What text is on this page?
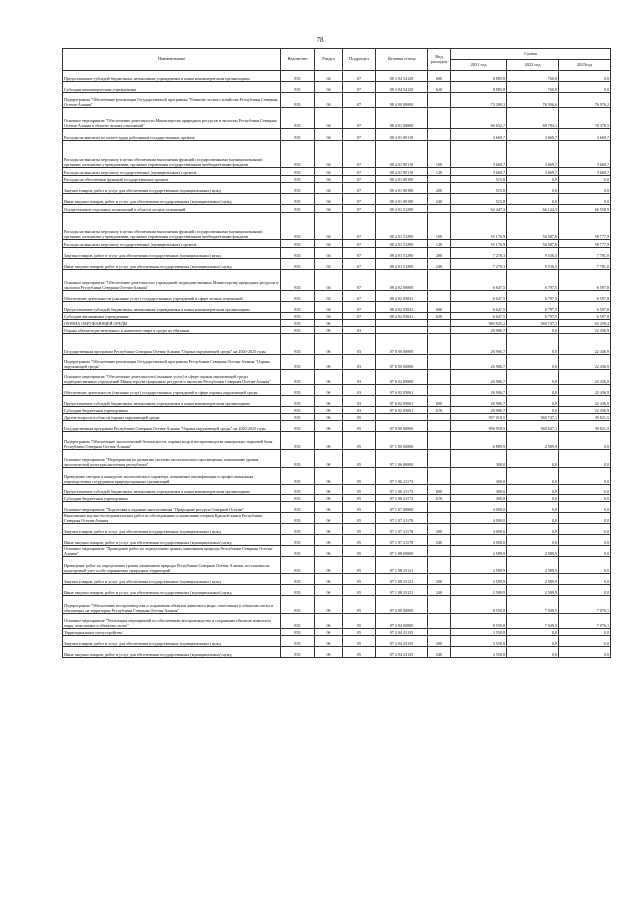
78
Наименование	Ведомство	Раздел	Подраздел	Целевая статья	Вид расходов	Сумма		
						2021 год	2022 год	2023год
Предоставление субсидий бюджетным, автономным учреждениям и иным некоммерческим организациям	835	04	07	08 3 04 54120	600	8 885,8	760,8	0,0
Субсидии некоммерческим учреждениям	835	04	07	08 3 04 54120	620	8 885,8	760,8	0,0
Подпрограмма "Обеспечение реализации Государственной программы "Развитие лесного хозяйства Республики Северная Осетия-Алания"	835	04	07	08 4 00 00000		73 280,3	76 506,6	76 976,2
Основное мероприятие "Обеспечение деятельности Министерства природных ресурсов и экологии Республики Северная Осетия-Алания в области лесных отношений"	835	04	07	08 4 01 00000		66 632,7	69 794,1	70 378,5
Расходы на выплаты по оплате труда работников государственных органов	835	04	07	08 4 01 00110		3 669,7	3 669,7	3 669,7
Расходы на выплаты персоналу в целях обеспечения выполнения функций государственными (муниципальными) органами, казенными учреждениями, органами управления государственными внебюджетными фондами	835	04	07	08 4 01 00110	100	3 669,7	3 669,7	3 669,7
Расходы на выплаты персоналу государственных (муниципальных) органов	835	04	07	08 4 01 00110	120	3 669,7	3 669,7	3 669,7
Расходы на обеспечение функций государственных органов	835	04	07	08 4 01 00190		515,8	0,0	0,0
Закупка товаров, работ и услуг для обеспечения государственных (муниципальных) нужд	835	04	07	08 4 01 00190	200	515,8	0,0	0,0
Иные закупки товаров, работ и услуг для обеспечения государственных (муниципальных) нужд	835	04	07	08 4 01 00190	240	515,8	0,0	0,0
Осуществление отдельных полномочий в области лесных отношений	835	04	07	08 4 01 51290		62 447,3	66 124,3	66 558,9
Расходы на выплаты персоналу в целях обеспечения выполнения функций государственными (муниципальными) органами, казенными учреждениями, органами управления государственными внебюджетными фондами	835	04	07	08 4 01 51290	100	55 176,9	56 587,8	58 777,9
Расходы на выплаты персоналу государственных (муниципальных) органов	835	04	07	08 4 01 51290	120	55 176,9	56 587,8	58 777,9
Закупка товаров, работ и услуг для обеспечения государственных (муниципальных) нужд	835	04	07	08 4 01 51290	200	7 270,3	9 536,5	7 781,0
Иные закупки товаров, работ и услуг для обеспечения государственных (муниципальных) нужд	835	04	07	08 4 01 51290	240	7 270,3	9 536,5	7 781,0
Основное мероприятие "Обеспечение деятельности учреждений, подведомственных Министерству природных ресурсов и экологии Республики Северная Осетия-Алания"	835	04	07	08 4 02 00000		6 647,5	6 797,5	6 597,8
Обеспечение деятельности (оказание услуг) государственных учреждений в сфере лесных отношений	835	04	07	08 4 02 05041		6 647,5	6 797,5	6 597,8
Предоставление субсидий бюджетным, автономным учреждениям и иным некоммерческим организациям	835	04	07	08 4 02 05041	600	6 647,5	6 797,5	6 597,8
Субсидии автономным учреждениям	835	04	07	08 4 02 05041	620	6 647,5	6 797,5	6 597,8
ОХРАНА ОКРУЖАЮЩЕЙ СРЕДЫ	835	06				983 925,2	560 747,1	62 258,4
Охрана объектов растительного и животного мира и среды их обитания	835	06	03			26 906,7	0,0	22 436,9
Государственная программа Республики Северная Осетия-Алания "Охрана окружающей среды" на 2020-2025 годы	835	06	03	07 0 00 00000		26 906,7	0,0	22 436,9
Подпрограмма "Обеспечение реализации Государственной программы Республики Северная Осетия-Алания "Охрана окружающей среды"	835	06	03	07 6 00 00000		26 906,7	0,0	22 436,9
Основное мероприятие "Обеспечение деятельности (оказание услуг) в сфере охраны окружающей среды подведомственных учреждений Министерства природных ресурсов и экологии Республики Северная Осетия-Алания"	835	06	03	07 6 02 00000		26 906,7	0,0	22 436,9
Обеспечение деятельности (оказание услуг) государственных учреждений в сфере охраны окружающей среды	835	06	03	07 6 02 05061		26 906,7	0,0	22 436,9
Предоставление субсидий бюджетным, автономным учреждениям и иным некоммерческим организациям	835	06	03	07 6 02 05061	600	26 906,7	0,0	22 436,9
Субсидии бюджетным учреждениям	835	06	03	07 6 02 05061	610	26 906,7	0,0	22 436,9
Другие вопросы в области охраны окружающей среды	835	06	05			957 018,5	560 747,1	39 821,5
Государственная программа Республики Северная Осетия-Алания "Охрана окружающей среды" на 2020-2025 годы	835	06	05	07 0 00 00000		956 918,5	560 647,1	39 821,5
Подпрограмма "Обеспечение экологической безопасности, охраны недр и воспроизводства минерально-сырьевой базы Республики Северная Осетия-Алания"	835	06	05	07 1 00 00000		6 889,9	2 589,9	0,0
Основное мероприятие "Мероприятия по развитию системы экологического просвещения, повышению уровня экологической культуры населения республики"	835	06	05	07 1 06 00000		300,0	0,0	0,0
Проведение смотров и конкурсов экологического характера, повышение квалификации и профессиональная переподготовка сотрудников природоохранных организаций	835	06	05	07 1 06 21173		300,0	0,0	0,0
Предоставление субсидий бюджетным, автономным учреждениям и иным некоммерческим организациям	835	06	05	07 1 06 21173	600	300,0	0,0	0,0
Субсидии бюджетным учреждениям	835	06	05	07 1 06 21173	610	300,0	0,0	0,0
Основное мероприятие "Подготовка к изданию многотомника "Природные ресурсы Северной Осетии"	835	06	05	07 1 07 00000		4 000,0	0,0	0,0
Выполнение научно-исследовательских работ по обследованию и написанию очерков Красной книги Республики Северная Осетия-Алания	835	06	05	07 1 07 21178		4 000,0	0,0	0,0
Закупка товаров, работ и услуг для обеспечения государственных (муниципальных) нужд	835	06	05	07 1 07 21178	200	4 000,0	0,0	0,0
Иные закупки товаров, работ и услуг для обеспечения государственных (муниципальных) нужд	835	06	05	07 1 07 21178	240	4 000,0	0,0	0,0
Основное мероприятие "Проведение работ по определению границ памятников природы Республики Северная Осетия-Алания"	835	06	05	07 1 08 00000		2 589,9	2 589,9	0,0
Проведение работ по определению границ памятников природы Республики Северная Осетия-Алания, постановка на кадастровый учет особо охраняемых природных территорий	835	06	05	07 1 08 23121		2 589,9	2 589,9	0,0
Закупка товаров, работ и услуг для обеспечения государственных (муниципальных) нужд	835	06	05	07 1 08 23121	200	2 589,9	2 589,9	0,0
Иные закупки товаров, работ и услуг для обеспечения государственных (муниципальных) нужд	835	06	05	07 1 08 23121	240	2 589,9	2 589,9	0,0
Подпрограмма "Обеспечение воспроизводства и сохранения объектов животного мира, отнесенных к объектам охоты и обитающих на территории Республики Северная Осетия-Алания"	835	06	05	07 2 00 00000		8 550,8	7 049,5	7 076,1
Основное мероприятие "Реализация мероприятий по обеспечению воспроизводства и сохранения объектов животного мира, отнесенных к объектам охоты"	835	06	05	07 2 04 00000		8 550,8	7 049,5	7 076,1
Территориальное охотустройство	835	06	05	07 2 04 23135		3 550,8	0,0	0,0
Закупка товаров, работ и услуг для обеспечения государственных (муниципальных) нужд	835	06	05	07 2 04 23135	200	3 550,8	0,0	0,0
Иные закупки товаров, работ и услуг для обеспечения государственных (муниципальных) нужд	835	06	05	07 2 04 23135	240	3 550,8	0,0	0,0
